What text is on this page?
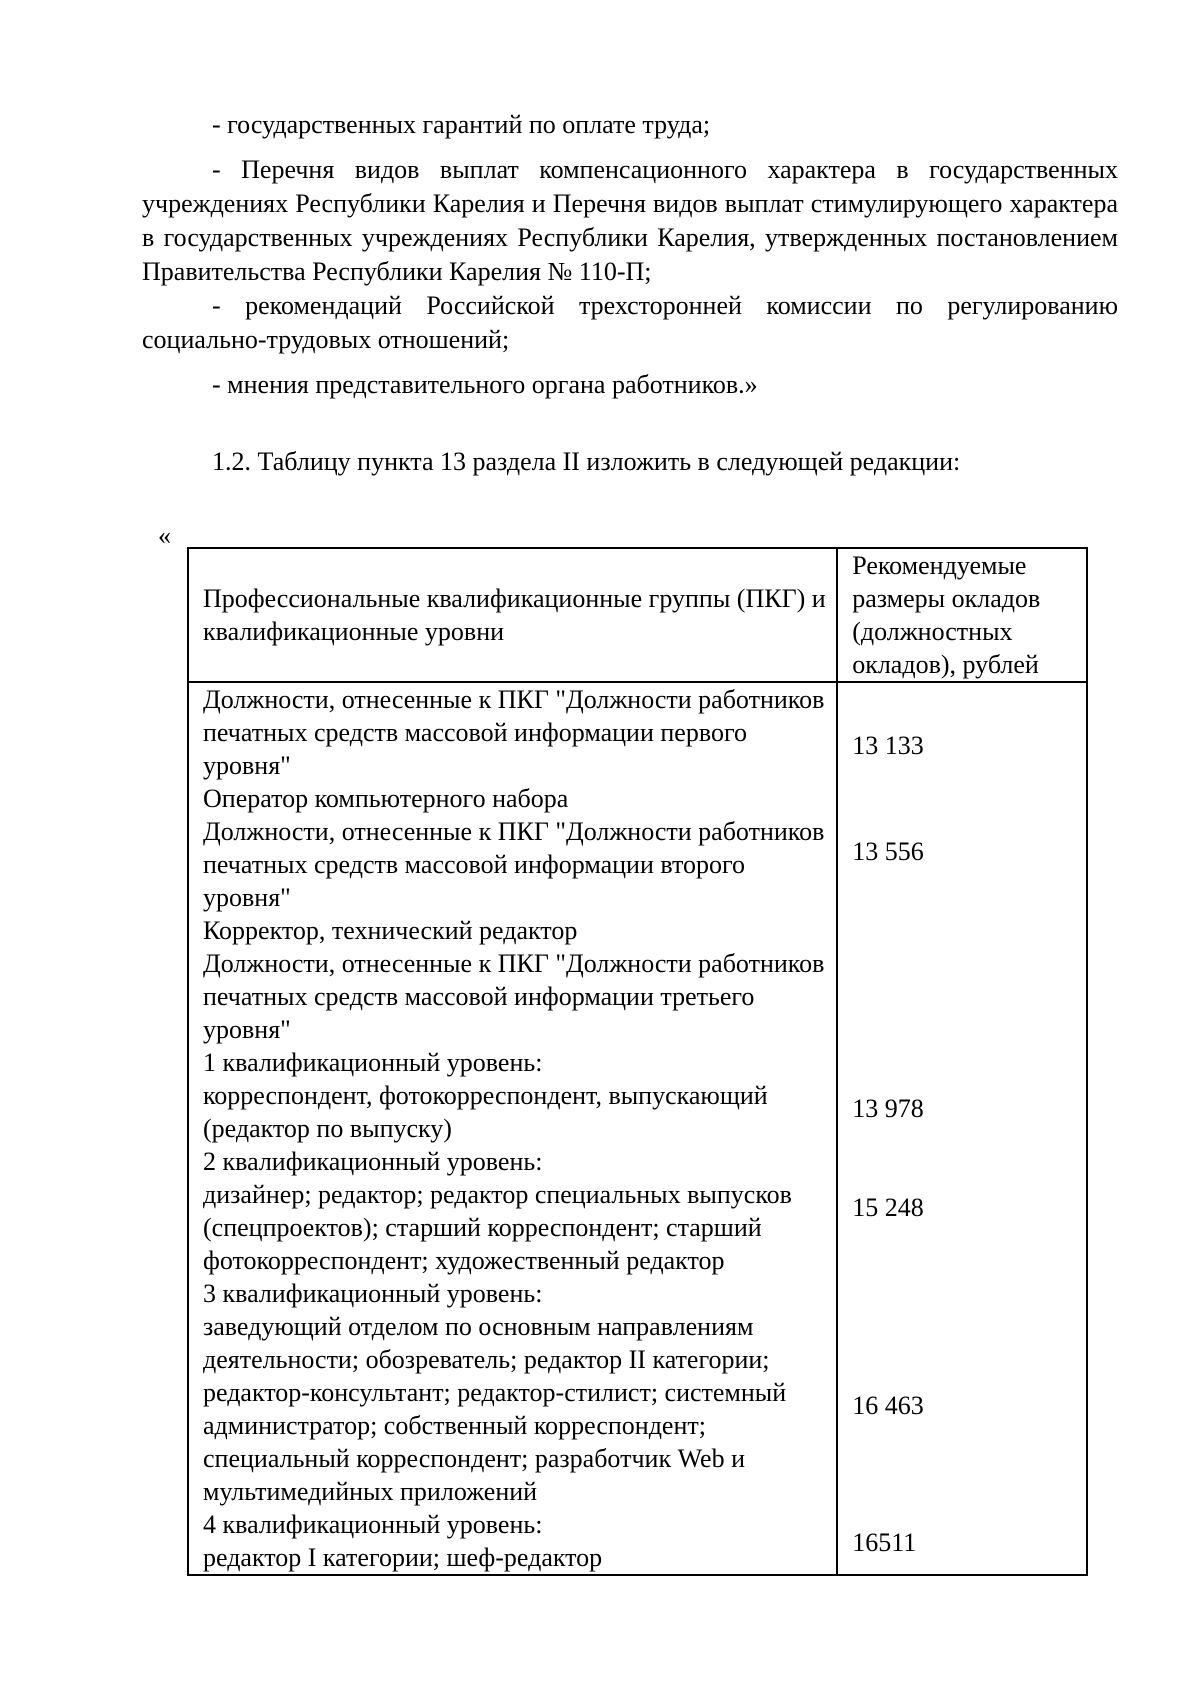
- государственных гарантий по оплате труда;

- Перечня видов выплат компенсационного характера в государственных учреждениях Республики Карелия и Перечня видов выплат стимулирующего характера в государственных учреждениях Республики Карелия, утвержденных постановлением Правительства Республики Карелия № 110-П;

- рекомендаций Российской трехсторонней комиссии по регулированию социально-трудовых отношений;

- мнения представительного органа работников.»

1.2. Таблицу пункта 13 раздела II изложить в следующей редакции:

«
Профессиональные квалификационные группы (ПКГ) и квалификационные уровни	Рекомендуемые размеры окладов (должностных окладов), рублей

Должности, отнесенные к ПКГ "Должности работников печатных средств массовой информации первого уровня"
Оператор компьютерного набора	13 133

Должности, отнесенные к ПКГ "Должности работников печатных средств массовой информации второго уровня"
Корректор, технический редактор	13 556

Должности, отнесенные к ПКГ "Должности работников печатных средств массовой информации третьего уровня"	

1 квалификационный уровень:
корреспондент, фотокорреспондент, выпускающий (редактор по выпуску)	13 978

2 квалификационный уровень:
дизайнер; редактор; редактор специальных выпусков (спецпроектов); старший корреспондент; старший фотокорреспондент; художественный редактор	15 248

3 квалификационный уровень:
заведующий отделом по основным направлениям деятельности; обозреватель; редактор II категории; редактор-консультант; редактор-стилист; системный администратор; собственный корреспондент; специальный корреспондент; разработчик Web и мультимедийных приложений	16 463

4 квалификационный уровень:
редактор I категории; шеф-редактор	16511
